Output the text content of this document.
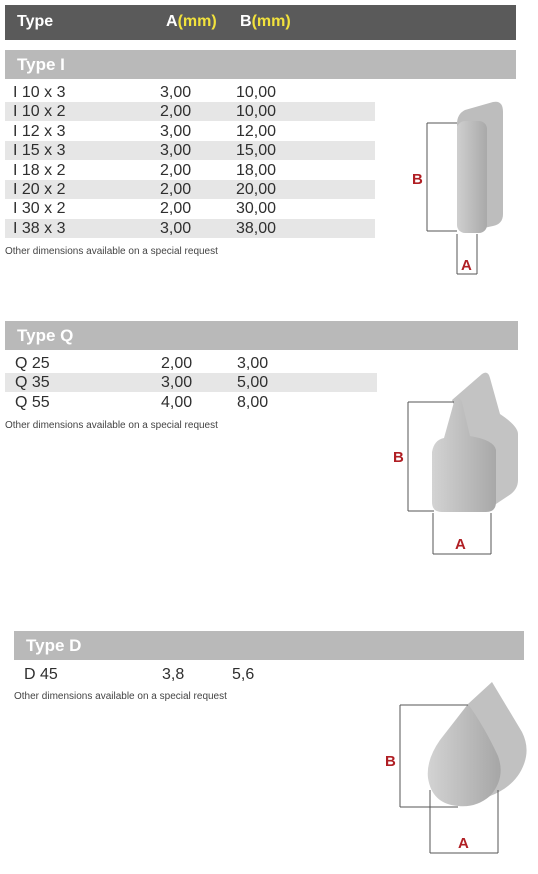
Type	A(mm) B(mm)
Type I
I 10 x 3	3,00	10,00
I 10 x 2	2,00	10,00
I 12 x 3	3,00	12,00
I 15 x 3	3,00	15,00
I 18 x 2	2,00	18,00
I 20 x 2	2,00	20,00
I 30 x 2	2,00	30,00
I 38 x 3	3,00	38,00
Other dimensions available on a special request
B
A
Type Q
Q 25	2,00	3,00
Q 35	3,00	5,00
Q 55	4,00	8,00
Other dimensions available on a special request
B
A
Type D
D 45	3,8	5,6
Other dimensions available on a special request
B
A
